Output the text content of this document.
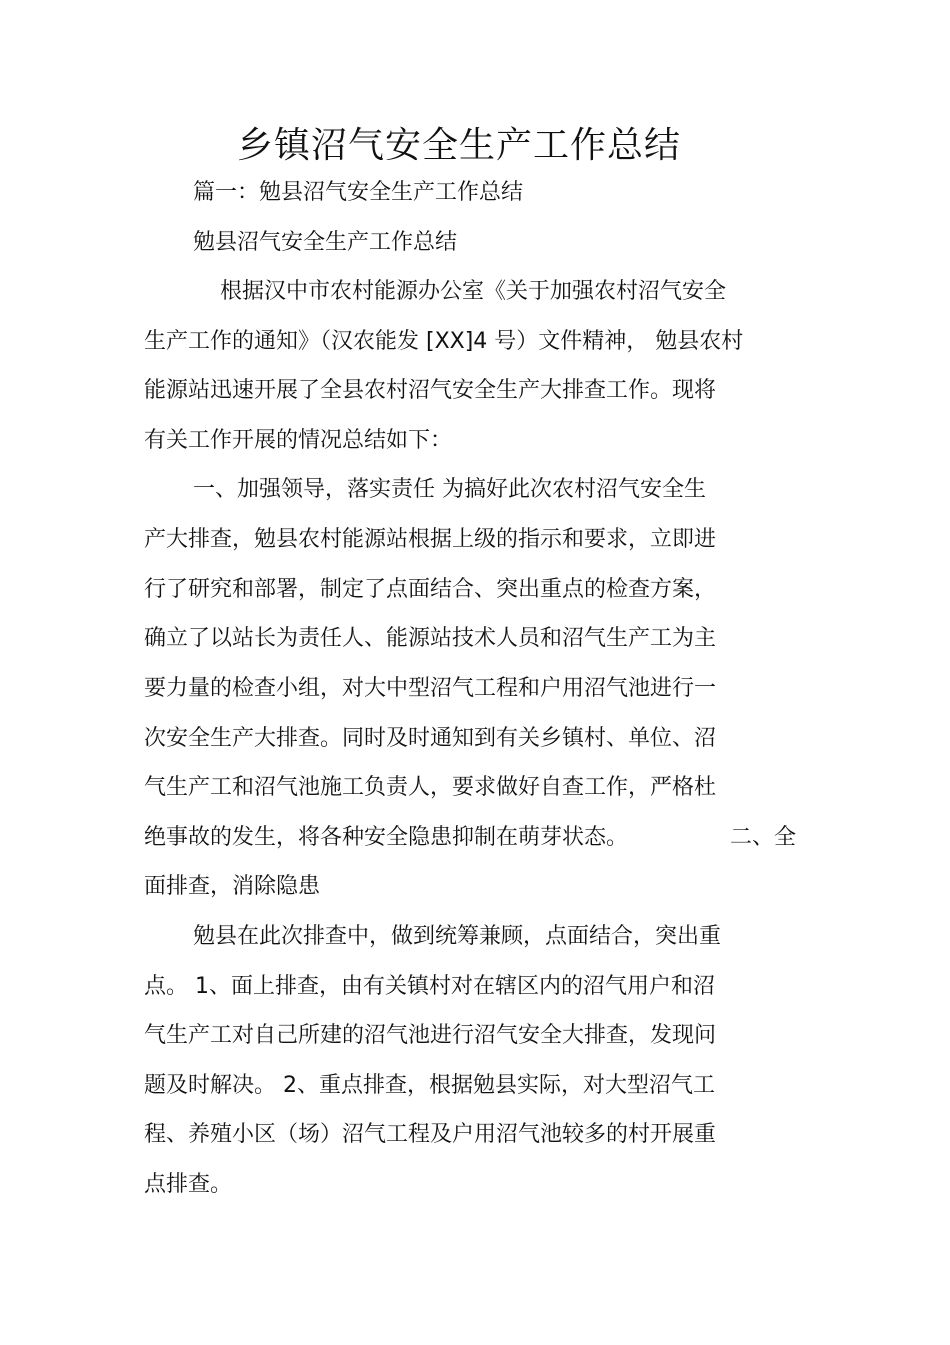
乡镇沼气安全生产工作总结
篇一：勉县沼气安全生产工作总结
勉县沼气安全生产工作总结
根据汉中市农村能源办公室《关于加强农村沼气安全
生产工作的通知》（汉农能发 [XX]4 号）文件精神， 勉县农村
能源站迅速开展了全县农村沼气安全生产大排查工作。现将
有关工作开展的情况总结如下：
一、加强领导，落实责任 为搞好此次农村沼气安全生
产大排查，勉县农村能源站根据上级的指示和要求，立即进
行了研究和部署，制定了点面结合、突出重点的检查方案，
确立了以站长为责任人、能源站技术人员和沼气生产工为主
要力量的检查小组，对大中型沼气工程和户用沼气池进行一
次安全生产大排查。同时及时通知到有关乡镇村、单位、沼
气生产工和沼气池施工负责人，要求做好自查工作，严格杜
绝事故的发生，将各种安全隐患抑制在萌芽状态。	二、全
面排查，消除隐患
勉县在此次排查中，做到统筹兼顾，点面结合，突出重
点。 1、面上排查，由有关镇村对在辖区内的沼气用户和沼
气生产工对自己所建的沼气池进行沼气安全大排查，发现问
题及时解决。 2、重点排查，根据勉县实际，对大型沼气工
程、养殖小区（场）沼气工程及户用沼气池较多的村开展重
点排查。
